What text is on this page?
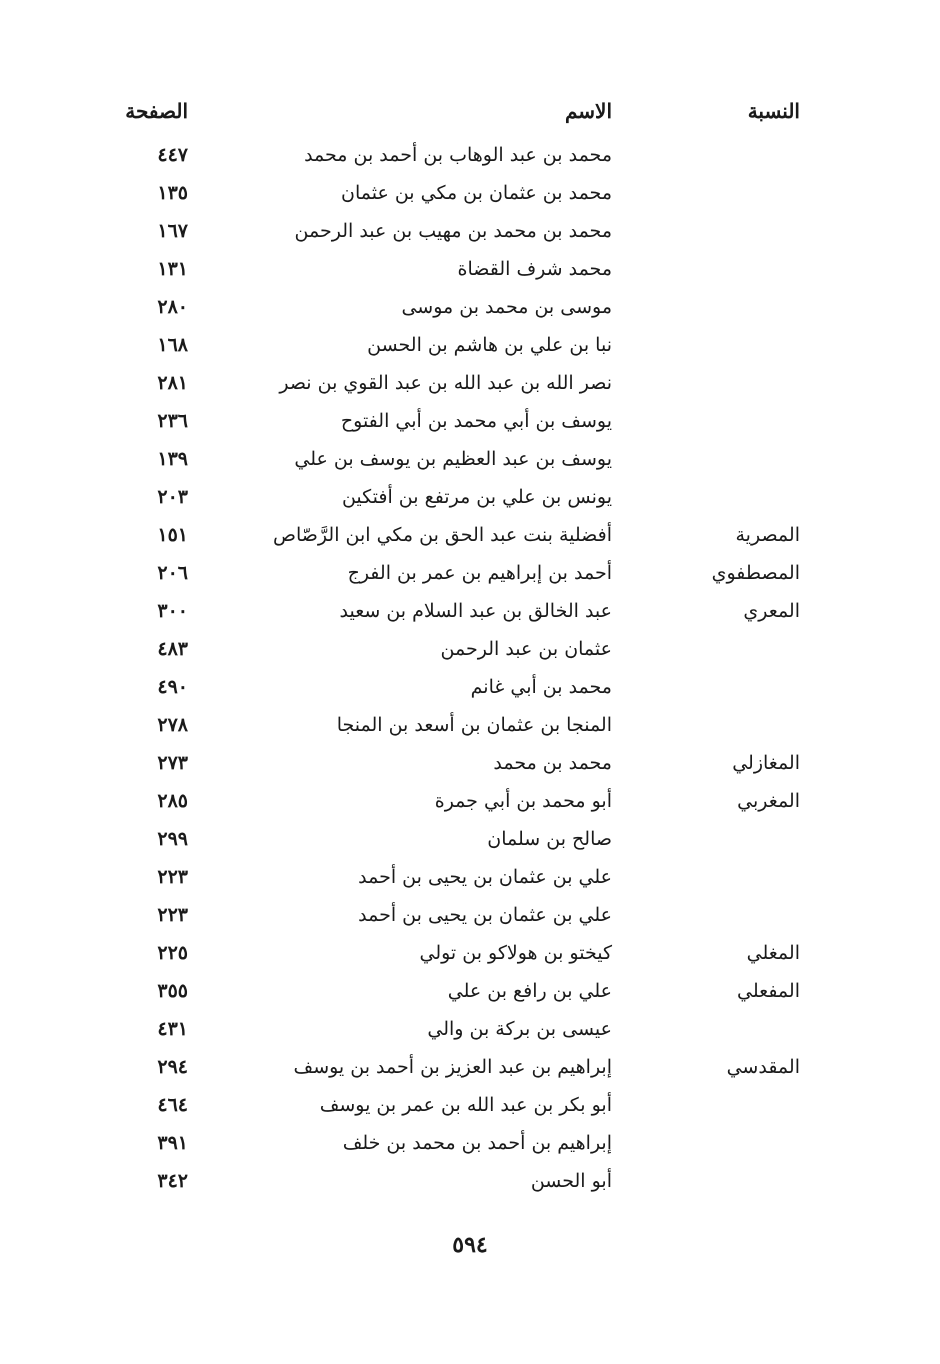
النسبة
الاسم
الصفحة
محمد بن عبد الوهاب بن أحمد بن محمد
٤٤٧
محمد بن عثمان بن مكي بن عثمان
١٣٥
محمد بن محمد بن مهيب بن عبد الرحمن
١٦٧
محمد شرف القضاة
١٣١
موسى بن محمد بن موسى
٢٨٠
نبا بن علي بن هاشم بن الحسن
١٦٨
نصر الله بن عبد الله بن عبد القوي بن نصر
٢٨١
يوسف بن أبي محمد بن أبي الفتوح
٢٣٦
يوسف بن عبد العظيم بن يوسف بن علي
١٣٩
يونس بن علي بن مرتفع بن أفتكين
٢٠٣
المصرية
أفضلية بنت عبد الحق بن مكي ابن الرَّصّاص
١٥١
المصطفوي
أحمد بن إبراهيم بن عمر بن الفرج
٢٠٦
المعري
عبد الخالق بن عبد السلام بن سعيد
٣٠٠
عثمان بن عبد الرحمن
٤٨٣
محمد بن أبي غانم
٤٩٠
المنجا بن عثمان بن أسعد بن المنجا
٢٧٨
المغازلي
محمد بن محمد
٢٧٣
المغربي
أبو محمد بن أبي جمرة
٢٨٥
صالح بن سلمان
٢٩٩
علي بن عثمان بن يحيى بن أحمد
٢٢٣
علي بن عثمان بن يحيى بن أحمد
٢٢٣
المغلي
كيختو بن هولاكو بن تولي
٢٢٥
المفعلي
علي بن رافع بن علي
٣٥٥
عيسى بن بركة بن والي
٤٣١
المقدسي
إبراهيم بن عبد العزيز بن أحمد بن يوسف
٢٩٤
أبو بكر بن عبد الله بن عمر بن يوسف
٤٦٤
إبراهيم بن أحمد بن محمد بن خلف
٣٩١
أبو الحسن
٣٤٢
٥٩٤
